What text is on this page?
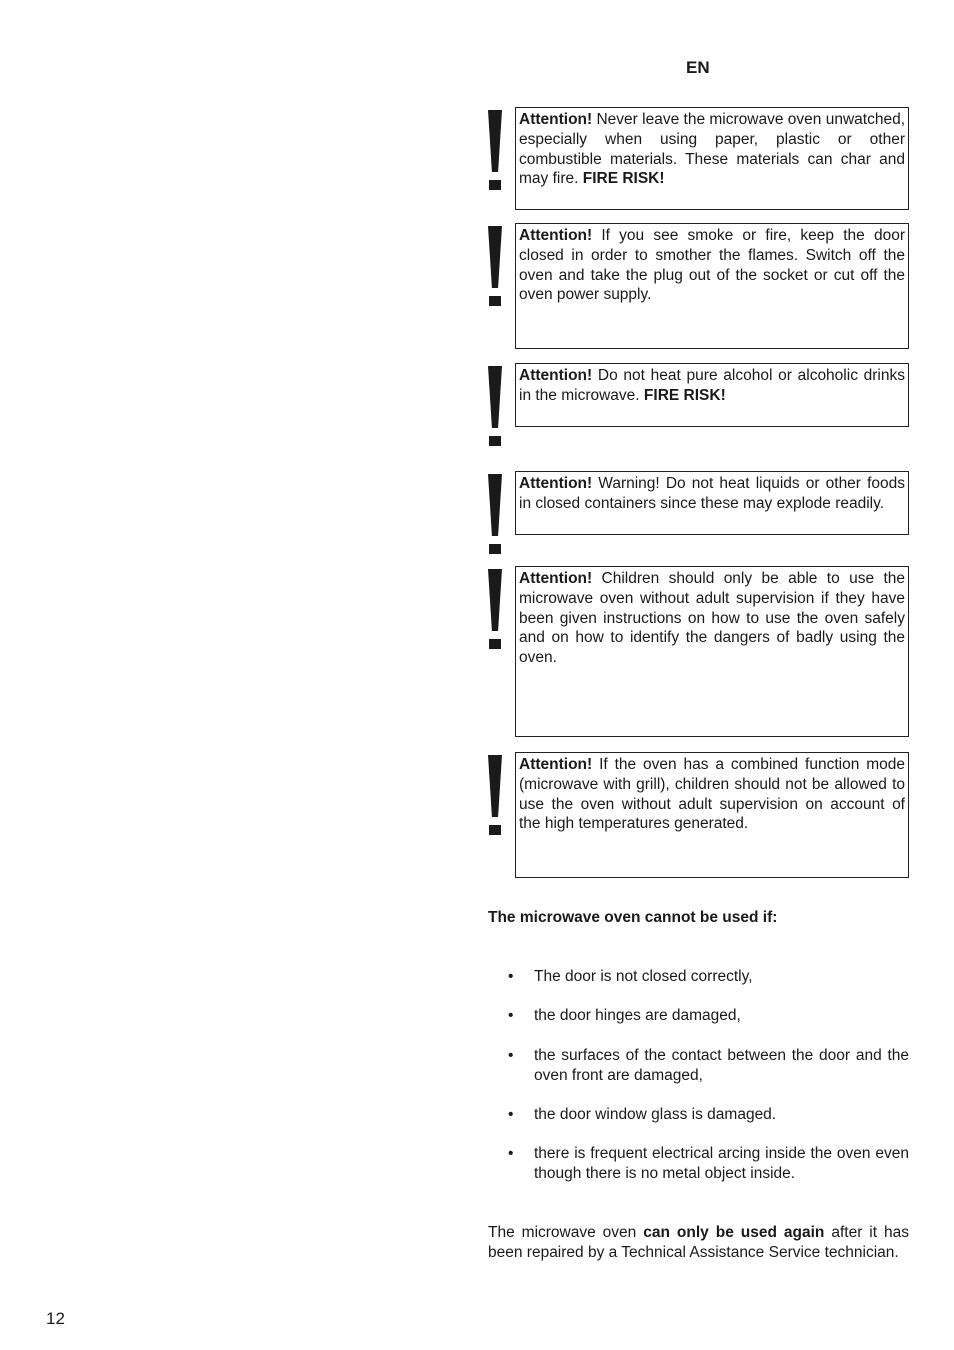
EN
Attention! Never leave the microwave oven unwatched, especially when using paper, plastic or other combustible materials. These materials can char and may fire. FIRE RISK!
Attention! If you see smoke or fire, keep the door closed in order to smother the flames. Switch off the oven and take the plug out of the socket or cut off the oven power supply.
Attention! Do not heat pure alcohol or alcoholic drinks in the microwave. FIRE RISK!
Attention! Warning! Do not heat liquids or other foods in closed containers since these may explode readily.
Attention! Children should only be able to use the microwave oven without adult supervision if they have been given instructions on how to use the oven safely and on how to identify the dangers of badly using the oven.
Attention! If the oven has a combined function mode (microwave with grill), children should not be allowed to use the oven without adult supervision on account of the high temperatures generated.
The microwave oven cannot be used if:
• The door is not closed correctly,
• the door hinges are damaged,
• the surfaces of the contact between the door and the oven front are damaged,
• the door window glass is damaged.
• there is frequent electrical arcing inside the oven even though there is no metal object inside.
The microwave oven can only be used again after it has been repaired by a Technical Assistance Service technician.
12
